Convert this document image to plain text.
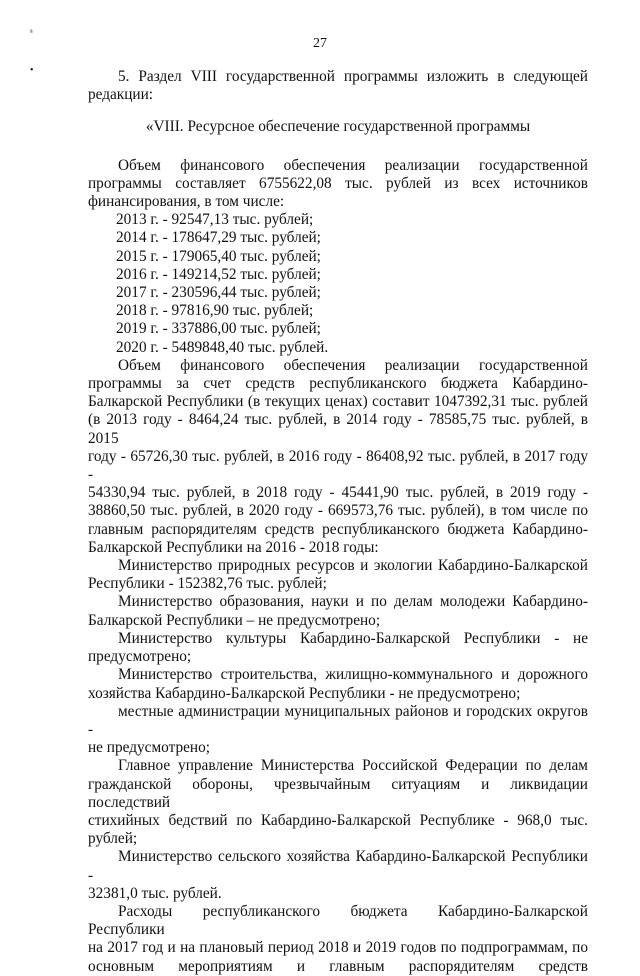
27
ᵃ
•	5. Раздел VIII государственной программы изложить в следующей

редакции:

«VIII. Ресурсное обеспечение государственной программы

Объем финансового обеспечения реализации государственной

программы составляет 6755622,08 тыс. рублей из всех источников

финансирования, в том числе:

2013 г. - 92547,13 тыс. рублей;

2014 г. - 178647,29 тыс. рублей;

2015 г. - 179065,40 тыс. рублей;

2016 г. - 149214,52 тыс. рублей;

2017 г. - 230596,44 тыс. рублей;

2018 г. - 97816,90 тыс. рублей;

2019 г. - 337886,00 тыс. рублей;

2020 г. - 5489848,40 тыс. рублей.

Объем финансового обеспечения реализации государственной

программы за счет средств республиканского бюджета Кабардино-

Балкарской Республики (в текущих ценах) составит 1047392,31 тыс. рублей

(в 2013 году - 8464,24 тыс. рублей, в 2014 году - 78585,75 тыс. рублей, в 2015

году - 65726,30 тыс. рублей, в 2016 году - 86408,92 тыс. рублей, в 2017 году -

54330,94 тыс. рублей, в 2018 году - 45441,90 тыс. рублей, в 2019 году -

38860,50 тыс. рублей, в 2020 году - 669573,76 тыс. рублей), в том числе по

главным распорядителям средств республиканского бюджета Кабардино-

Балкарской Республики на 2016 - 2018 годы:

Министерство природных ресурсов и экологии Кабардино-Балкарской

Республики - 152382,76 тыс. рублей;

Министерство образования, науки и по делам молодежи Кабардино-

Балкарской Республики – не предусмотрено;

Министерство культуры Кабардино-Балкарской Республики - не

предусмотрено;

Министерство строительства, жилищно-коммунального и дорожного

хозяйства Кабардино-Балкарской Республики - не предусмотрено;

местные администрации муниципальных районов и городских округов -

не предусмотрено;

Главное управление Министерства Российской Федерации по делам

гражданской обороны, чрезвычайным ситуациям и ликвидации последствий

стихийных бедствий по Кабардино-Балкарской Республике - 968,0 тыс.

рублей;

Министерство сельского хозяйства Кабардино-Балкарской Республики -

32381,0 тыс. рублей.

Расходы республиканского бюджета Кабардино-Балкарской Республики

на 2017 год и на плановый период 2018 и 2019 годов по подпрограммам, по

основным мероприятиям и главным распорядителям средств
